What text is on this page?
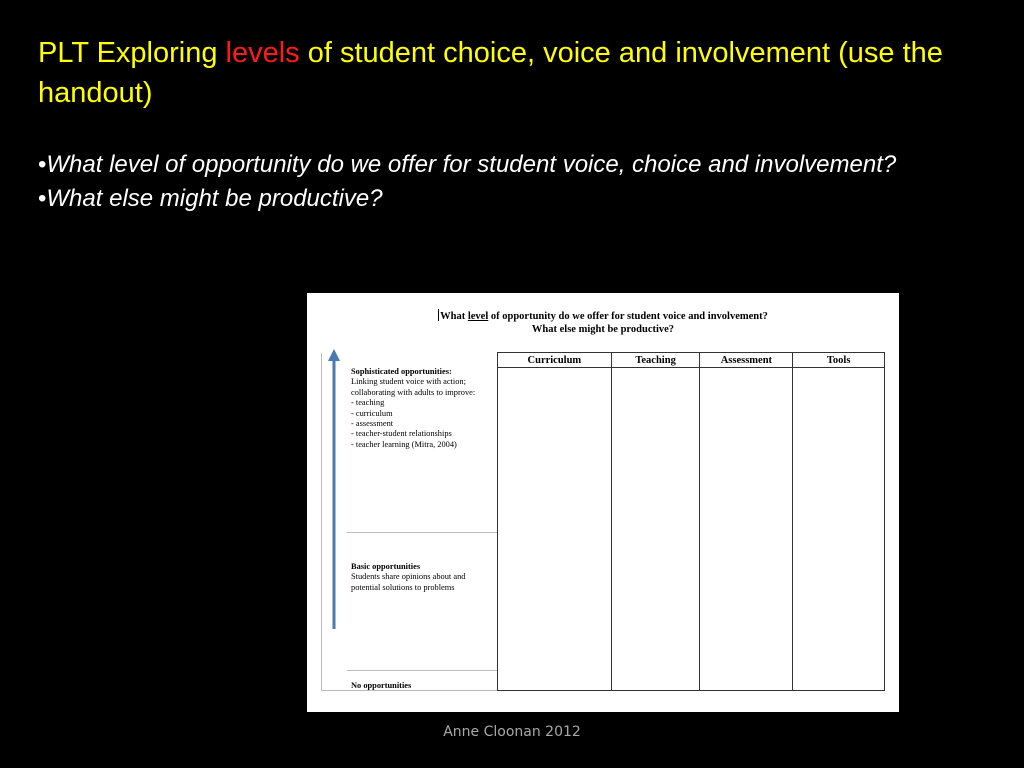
PLT Exploring levels of student choice, voice and involvement (use the handout)
•What level of opportunity do we offer for student voice, choice and involvement?
•What else might be productive?
What level of opportunity do we offer for student voice and involvement?
What else might be productive?
Sophisticated opportunities:
Linking student voice with action;
collaborating with adults to improve:
- teaching
- curriculum
- assessment
- teacher-student relationships
- teacher learning (Mitra, 2004)
Basic opportunities
Students share opinions about and
potential solutions to problems
No opportunities
Curriculum	Teaching	Assessment	Tools

Anne Cloonan 2012
